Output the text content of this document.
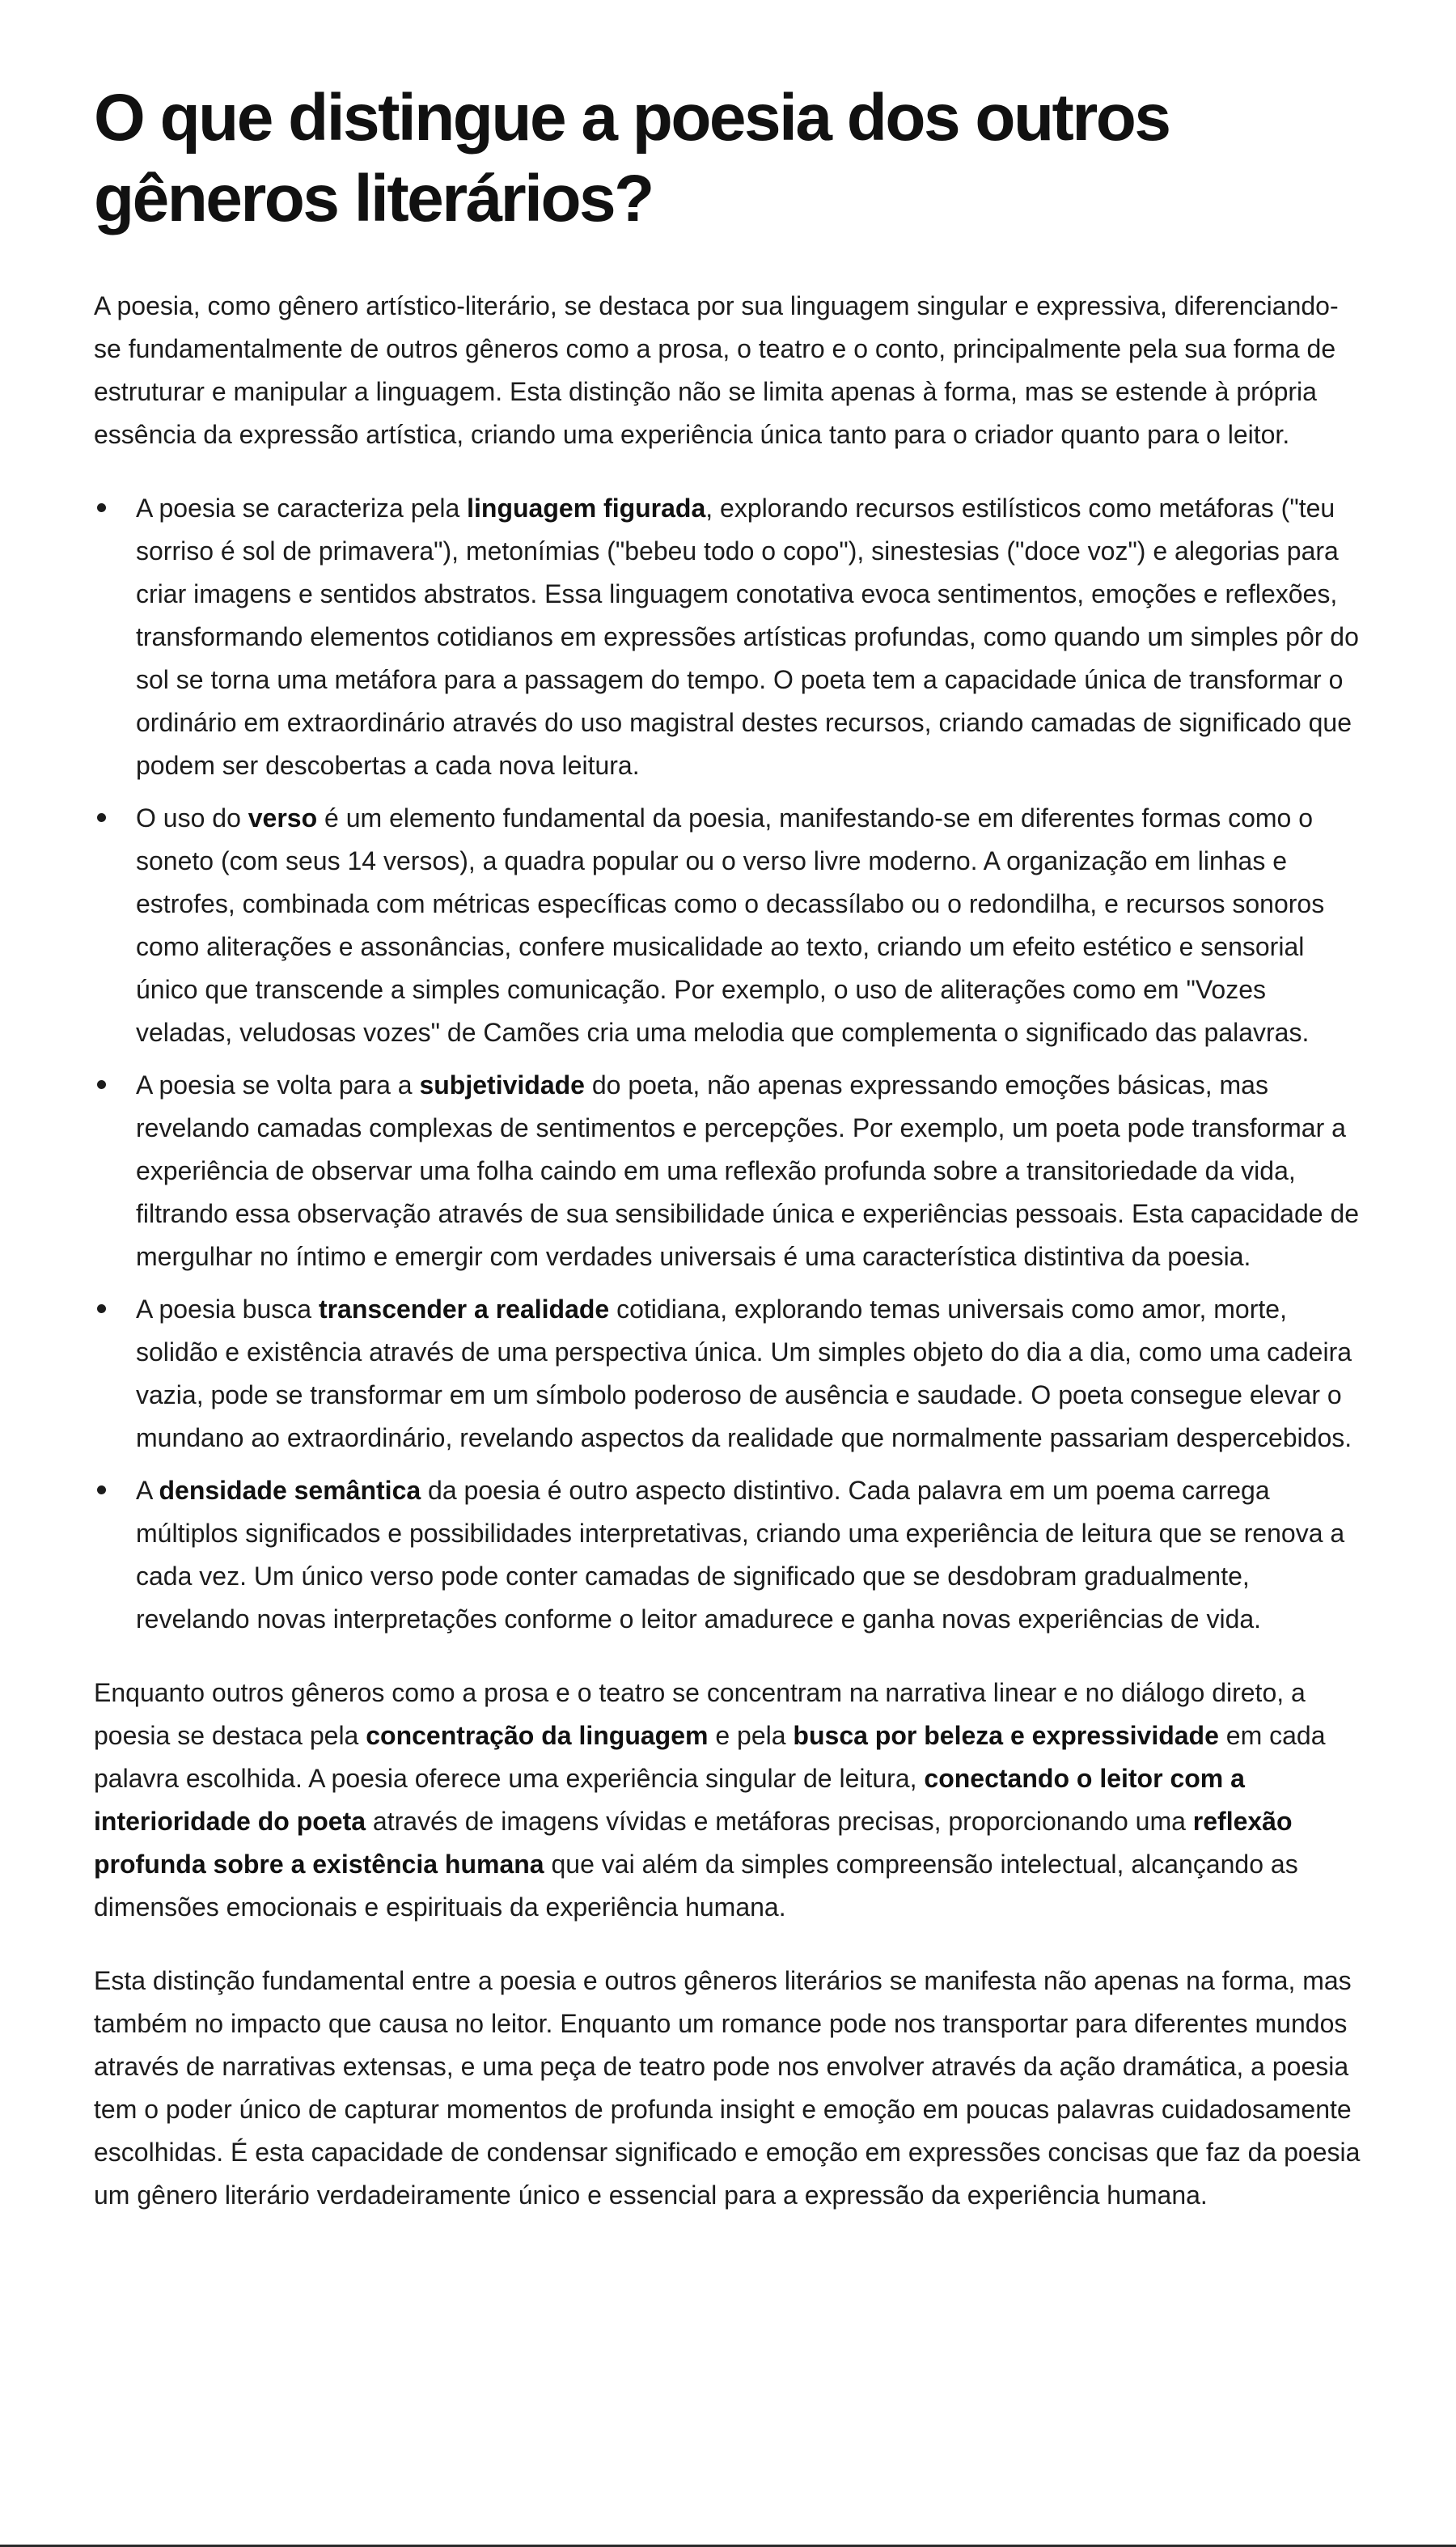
O que distingue a poesia dos outros gêneros literários?

A poesia, como gênero artístico-literário, se destaca por sua linguagem singular e expressiva, diferenciando-se fundamentalmente de outros gêneros como a prosa, o teatro e o conto, principalmente pela sua forma de estruturar e manipular a linguagem. Esta distinção não se limita apenas à forma, mas se estende à própria essência da expressão artística, criando uma experiência única tanto para o criador quanto para o leitor.

A poesia se caracteriza pela linguagem figurada, explorando recursos estilísticos como metáforas ("teu sorriso é sol de primavera"), metonímias ("bebeu todo o copo"), sinestesias ("doce voz") e alegorias para criar imagens e sentidos abstratos. Essa linguagem conotativa evoca sentimentos, emoções e reflexões, transformando elementos cotidianos em expressões artísticas profundas, como quando um simples pôr do sol se torna uma metáfora para a passagem do tempo. O poeta tem a capacidade única de transformar o ordinário em extraordinário através do uso magistral destes recursos, criando camadas de significado que podem ser descobertas a cada nova leitura.
O uso do verso é um elemento fundamental da poesia, manifestando-se em diferentes formas como o soneto (com seus 14 versos), a quadra popular ou o verso livre moderno. A organização em linhas e estrofes, combinada com métricas específicas como o decassílabo ou o redondilha, e recursos sonoros como aliterações e assonâncias, confere musicalidade ao texto, criando um efeito estético e sensorial único que transcende a simples comunicação. Por exemplo, o uso de aliterações como em "Vozes veladas, veludosas vozes" de Camões cria uma melodia que complementa o significado das palavras.
A poesia se volta para a subjetividade do poeta, não apenas expressando emoções básicas, mas revelando camadas complexas de sentimentos e percepções. Por exemplo, um poeta pode transformar a experiência de observar uma folha caindo em uma reflexão profunda sobre a transitoriedade da vida, filtrando essa observação através de sua sensibilidade única e experiências pessoais. Esta capacidade de mergulhar no íntimo e emergir com verdades universais é uma característica distintiva da poesia.
A poesia busca transcender a realidade cotidiana, explorando temas universais como amor, morte, solidão e existência através de uma perspectiva única. Um simples objeto do dia a dia, como uma cadeira vazia, pode se transformar em um símbolo poderoso de ausência e saudade. O poeta consegue elevar o mundano ao extraordinário, revelando aspectos da realidade que normalmente passariam despercebidos.
A densidade semântica da poesia é outro aspecto distintivo. Cada palavra em um poema carrega múltiplos significados e possibilidades interpretativas, criando uma experiência de leitura que se renova a cada vez. Um único verso pode conter camadas de significado que se desdobram gradualmente, revelando novas interpretações conforme o leitor amadurece e ganha novas experiências de vida.

Enquanto outros gêneros como a prosa e o teatro se concentram na narrativa linear e no diálogo direto, a poesia se destaca pela concentração da linguagem e pela busca por beleza e expressividade em cada palavra escolhida. A poesia oferece uma experiência singular de leitura, conectando o leitor com a interioridade do poeta através de imagens vívidas e metáforas precisas, proporcionando uma reflexão profunda sobre a existência humana que vai além da simples compreensão intelectual, alcançando as dimensões emocionais e espirituais da experiência humana.

Esta distinção fundamental entre a poesia e outros gêneros literários se manifesta não apenas na forma, mas também no impacto que causa no leitor. Enquanto um romance pode nos transportar para diferentes mundos através de narrativas extensas, e uma peça de teatro pode nos envolver através da ação dramática, a poesia tem o poder único de capturar momentos de profunda insight e emoção em poucas palavras cuidadosamente escolhidas. É esta capacidade de condensar significado e emoção em expressões concisas que faz da poesia um gênero literário verdadeiramente único e essencial para a expressão da experiência humana.
